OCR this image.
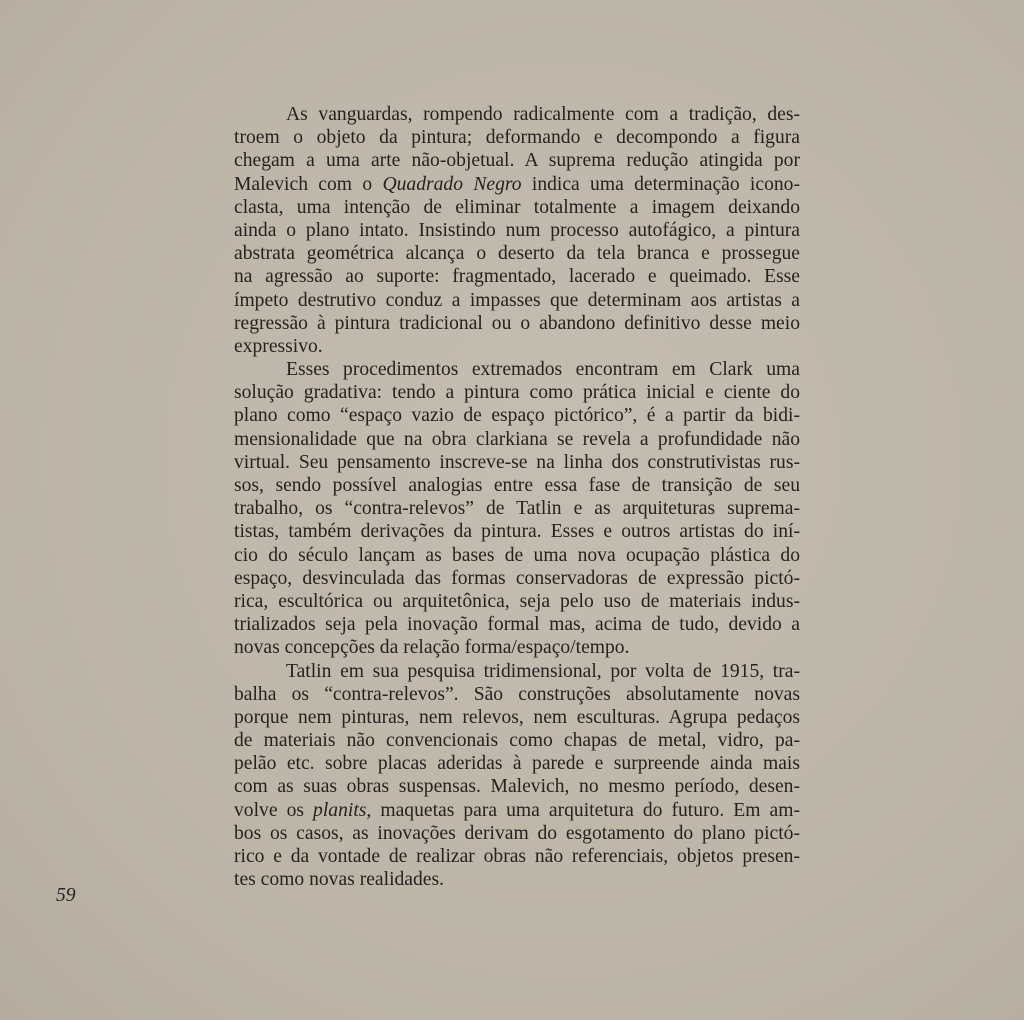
As vanguardas, rompendo radicalmente com a tradição, des-
troem o objeto da pintura; deformando e decompondo a figura
chegam a uma arte não-objetual. A suprema redução atingida por
Malevich com o Quadrado Negro indica uma determinação icono-
clasta, uma intenção de eliminar totalmente a imagem deixando
ainda o plano intato. Insistindo num processo autofágico, a pintura
abstrata geométrica alcança o deserto da tela branca e prossegue
na agressão ao suporte: fragmentado, lacerado e queimado. Esse
ímpeto destrutivo conduz a impasses que determinam aos artistas a
regressão à pintura tradicional ou o abandono definitivo desse meio
expressivo.
Esses procedimentos extremados encontram em Clark uma
solução gradativa: tendo a pintura como prática inicial e ciente do
plano como “espaço vazio de espaço pictórico”, é a partir da bidi-
mensionalidade que na obra clarkiana se revela a profundidade não
virtual. Seu pensamento inscreve-se na linha dos construtivistas rus-
sos, sendo possível analogias entre essa fase de transição de seu
trabalho, os “contra-relevos” de Tatlin e as arquiteturas suprema-
tistas, também derivações da pintura. Esses e outros artistas do iní-
cio do século lançam as bases de uma nova ocupação plástica do
espaço, desvinculada das formas conservadoras de expressão pictó-
rica, escultórica ou arquitetônica, seja pelo uso de materiais indus-
trializados seja pela inovação formal mas, acima de tudo, devido a
novas concepções da relação forma/espaço/tempo.
Tatlin em sua pesquisa tridimensional, por volta de 1915, tra-
balha os “contra-relevos”. São construções absolutamente novas
porque nem pinturas, nem relevos, nem esculturas. Agrupa pedaços
de materiais não convencionais como chapas de metal, vidro, pa-
pelão etc. sobre placas aderidas à parede e surpreende ainda mais
com as suas obras suspensas. Malevich, no mesmo período, desen-
volve os planits, maquetas para uma arquitetura do futuro. Em am-
bos os casos, as inovações derivam do esgotamento do plano pictó-
rico e da vontade de realizar obras não referenciais, objetos presen-
tes como novas realidades.
59
